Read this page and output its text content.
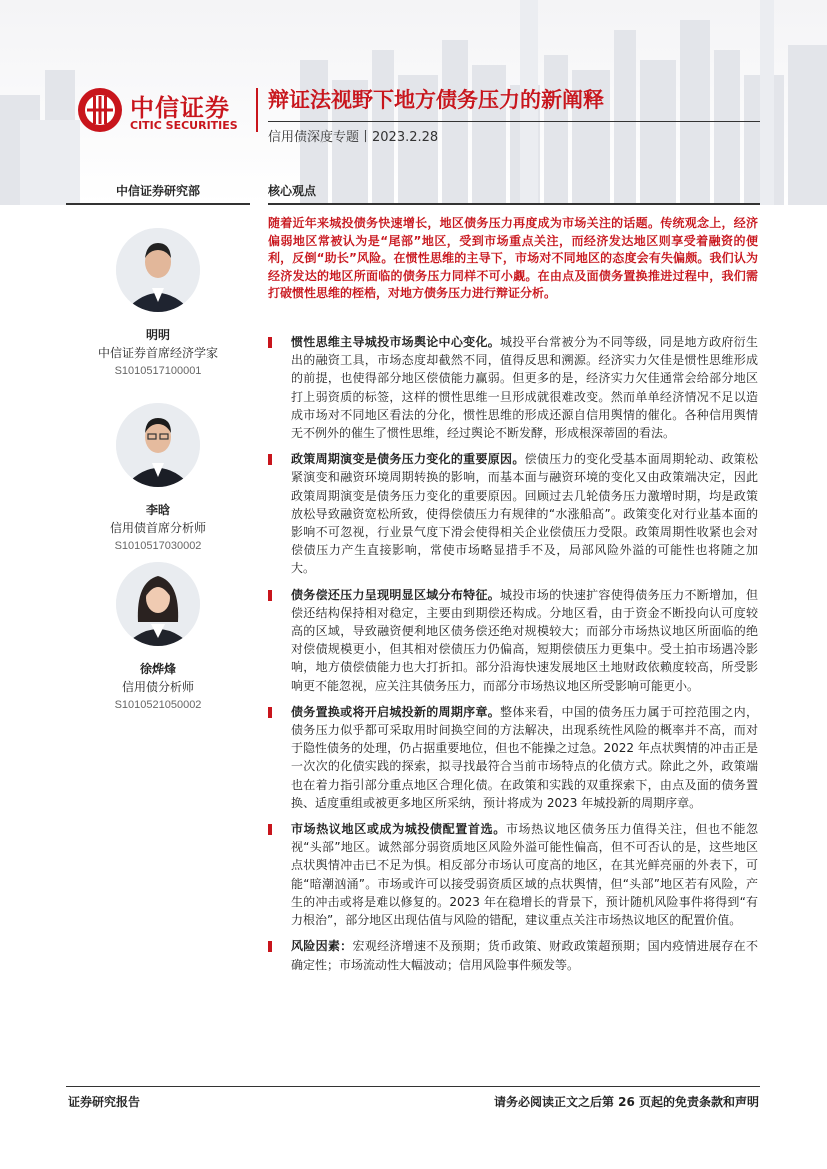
中信证券
CITIC SECURITIES
辩证法视野下地方债务压力的新阐释
信用债深度专题丨2023.2.28
中信证券研究部	核心观点
明明
中信证券首席经济学家
S1010517100001
李晗
信用债首席分析师
S1010517030002
徐烨烽
信用债分析师
S1010521050002

随着近年来城投债务快速增长，地区债务压力再度成为市场关注的话题。传统观念上，经济偏弱地区常被认为是“尾部”地区，受到市场重点关注，而经济发达地区则享受着融资的便利，反倒“助长”风险。在惯性思维的主导下，市场对不同地区的态度会有失偏颇。我们认为经济发达的地区所面临的债务压力同样不可小觑。在由点及面债务置换推进过程中，我们需打破惯性思维的桎梏，对地方债务压力进行辩证分析。

惯性思维主导城投市场舆论中心变化。城投平台常被分为不同等级，同是地方政府衍生出的融资工具，市场态度却截然不同，值得反思和溯源。经济实力欠佳是惯性思维形成的前提，也使得部分地区偿债能力赢弱。但更多的是，经济实力欠佳通常会给部分地区打上弱资质的标签，这样的惯性思维一旦形成就很难改变。然而单单经济情况不足以造成市场对不同地区看法的分化，惯性思维的形成还源自信用舆情的催化。各种信用舆情无不例外的催生了惯性思维，经过舆论不断发酵，形成根深蒂固的看法。
政策周期演变是债务压力变化的重要原因。偿债压力的变化受基本面周期轮动、政策松紧演变和融资环境周期转换的影响，而基本面与融资环境的变化又由政策端决定，因此政策周期演变是债务压力变化的重要原因。回顾过去几轮债务压力激增时期，均是政策放松导致融资宽松所致，使得偿债压力有规律的“水涨船高”。政策变化对行业基本面的影响不可忽视，行业景气度下滑会使得相关企业偿债压力受限。政策周期性收紧也会对偿债压力产生直接影响，常使市场略显措手不及，局部风险外溢的可能性也将随之加大。
债务偿还压力呈现明显区域分布特征。城投市场的快速扩容使得债务压力不断增加，但偿还结构保持相对稳定，主要由到期偿还构成。分地区看，由于资金不断投向认可度较高的区域，导致融资便利地区债务偿还绝对规模较大；而部分市场热议地区所面临的绝对偿债规模更小，但其相对偿债压力仍偏高，短期偿债压力更集中。受土拍市场遇冷影响，地方债偿债能力也大打折扣。部分沿海快速发展地区土地财政依赖度较高，所受影响更不能忽视，应关注其债务压力，而部分市场热议地区所受影响可能更小。
债务置换或将开启城投新的周期序章。整体来看，中国的债务压力属于可控范围之内，债务压力似乎都可采取用时间换空间的方法解决，出现系统性风险的概率并不高，而对于隐性债务的处理，仍占据重要地位，但也不能操之过急。2022 年点状舆情的冲击正是一次次的化债实践的探索，拟寻找最符合当前市场特点的化债方式。除此之外，政策端也在着力指引部分重点地区合理化债。在政策和实践的双重探索下，由点及面的债务置换、适度重组或被更多地区所采纳，预计将成为 2023 年城投新的周期序章。
市场热议地区或成为城投债配置首选。市场热议地区债务压力值得关注，但也不能忽视“头部”地区。诚然部分弱资质地区风险外溢可能性偏高，但不可否认的是，这些地区点状舆情冲击已不足为惧。相反部分市场认可度高的地区，在其光鲜亮丽的外表下，可能“暗潮汹涌”。市场或许可以接受弱资质区域的点状舆情，但“头部”地区若有风险，产生的冲击或将是难以修复的。2023 年在稳增长的背景下，预计随机风险事件将得到“有力根治”，部分地区出现估值与风险的错配，建议重点关注市场热议地区的配置价值。
风险因素：宏观经济增速不及预期；货币政策、财政政策超预期；国内疫情进展存在不确定性；市场流动性大幅波动；信用风险事件频发等。
证券研究报告	请务必阅读正文之后第 26 页起的免责条款和声明
